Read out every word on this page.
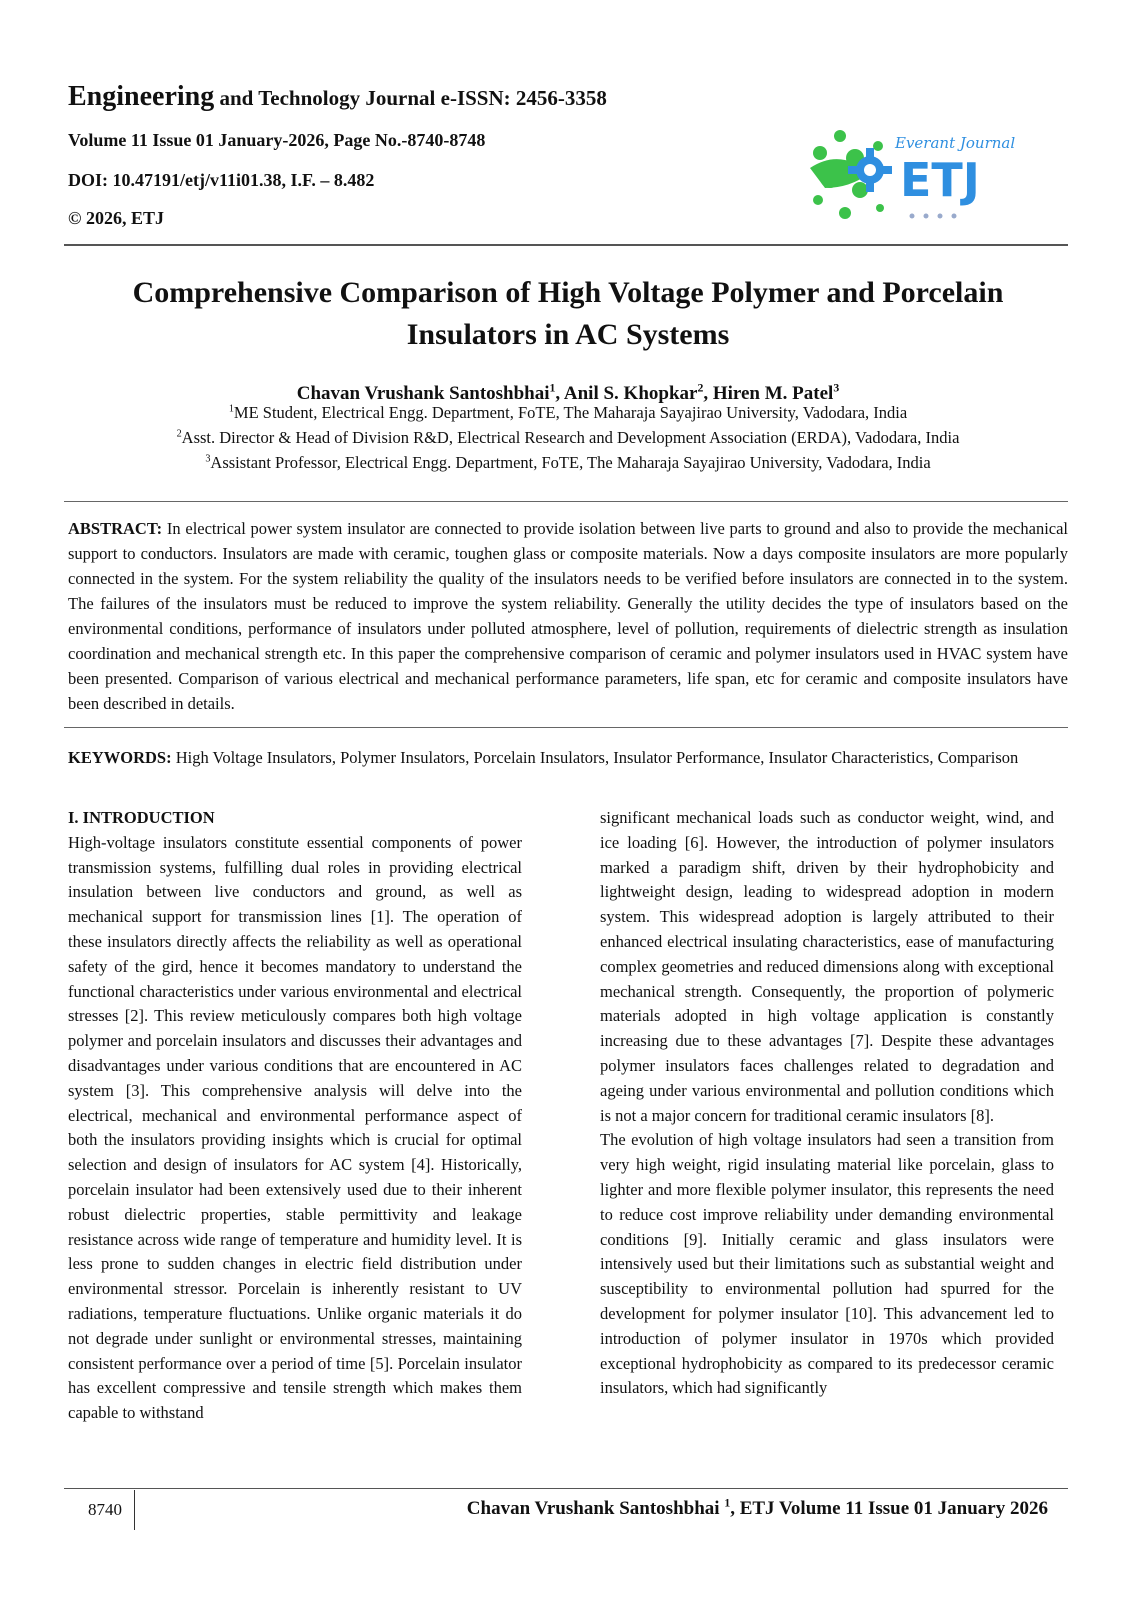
Engineering and Technology Journal e-ISSN: 2456-3358
Volume 11 Issue 01 January-2026, Page No.-8740-8748
DOI: 10.47191/etj/v11i01.38, I.F. – 8.482
© 2026, ETJ
Everant Journal
ETJ
Comprehensive Comparison of High Voltage Polymer and Porcelain
Insulators in AC Systems
Chavan Vrushank Santoshbhai$^1$, Anil S. Khopkar$^2$, Hiren M. Patel$^3$
$^1$ME Student, Electrical Engg. Department, FoTE, The Maharaja Sayajirao University, Vadodara, India
$^2$Asst. Director & Head of Division R&D, Electrical Research and Development Association (ERDA), Vadodara, India
$^3$Assistant Professor, Electrical Engg. Department, FoTE, The Maharaja Sayajirao University, Vadodara, India

ABSTRACT: In electrical power system insulator are connected to provide isolation between live parts to ground and also to provide the mechanical support to conductors. Insulators are made with ceramic, toughen glass or composite materials. Now a days composite insulators are more popularly connected in the system. For the system reliability the quality of the insulators needs to be verified before insulators are connected in to the system. The failures of the insulators must be reduced to improve the system reliability. Generally the utility decides the type of insulators based on the environmental conditions, performance of insulators under polluted atmosphere, level of pollution, requirements of dielectric strength as insulation coordination and mechanical strength etc. In this paper the comprehensive comparison of ceramic and polymer insulators used in HVAC system have been presented. Comparison of various electrical and mechanical performance parameters, life span, etc for ceramic and composite insulators have been described in details.

KEYWORDS: High Voltage Insulators, Polymer Insulators, Porcelain Insulators, Insulator Performance, Insulator Characteristics, Comparison

I. INTRODUCTION

High-voltage insulators constitute essential components of power transmission systems, fulfilling dual roles in providing electrical insulation between live conductors and ground, as well as mechanical support for transmission lines [1]. The operation of these insulators directly affects the reliability as well as operational safety of the gird, hence it becomes mandatory to understand the functional characteristics under various environmental and electrical stresses [2]. This review meticulously compares both high voltage polymer and porcelain insulators and discusses their advantages and disadvantages under various conditions that are encountered in AC system [3]. This comprehensive analysis will delve into the electrical, mechanical and environmental performance aspect of both the insulators providing insights which is crucial for optimal selection and design of insulators for AC system [4]. Historically, porcelain insulator had been extensively used due to their inherent robust dielectric properties, stable permittivity and leakage resistance across wide range of temperature and humidity level. It is less prone to sudden changes in electric field distribution under environmental stressor. Porcelain is inherently resistant to UV radiations, temperature fluctuations. Unlike organic materials it do not degrade under sunlight or environmental stresses, maintaining consistent performance over a period of time [5]. Porcelain insulator has excellent compressive and tensile strength which makes them capable to withstand

significant mechanical loads such as conductor weight, wind, and ice loading [6]. However, the introduction of polymer insulators marked a paradigm shift, driven by their hydrophobicity and lightweight design, leading to widespread adoption in modern system. This widespread adoption is largely attributed to their enhanced electrical insulating characteristics, ease of manufacturing complex geometries and reduced dimensions along with exceptional mechanical strength. Consequently, the proportion of polymeric materials adopted in high voltage application is constantly increasing due to these advantages [7]. Despite these advantages polymer insulators faces challenges related to degradation and ageing under various environmental and pollution conditions which is not a major concern for traditional ceramic insulators [8].

The evolution of high voltage insulators had seen a transition from very high weight, rigid insulating material like porcelain, glass to lighter and more flexible polymer insulator, this represents the need to reduce cost improve reliability under demanding environmental conditions [9]. Initially ceramic and glass insulators were intensively used but their limitations such as substantial weight and susceptibility to environmental pollution had spurred for the development for polymer insulator [10]. This advancement led to introduction of polymer insulator in 1970s which provided exceptional hydrophobicity as compared to its predecessor ceramic insulators, which had significantly

8740	Chavan Vrushank Santoshbhai $^1$, ETJ Volume 11 Issue 01 January 2026
